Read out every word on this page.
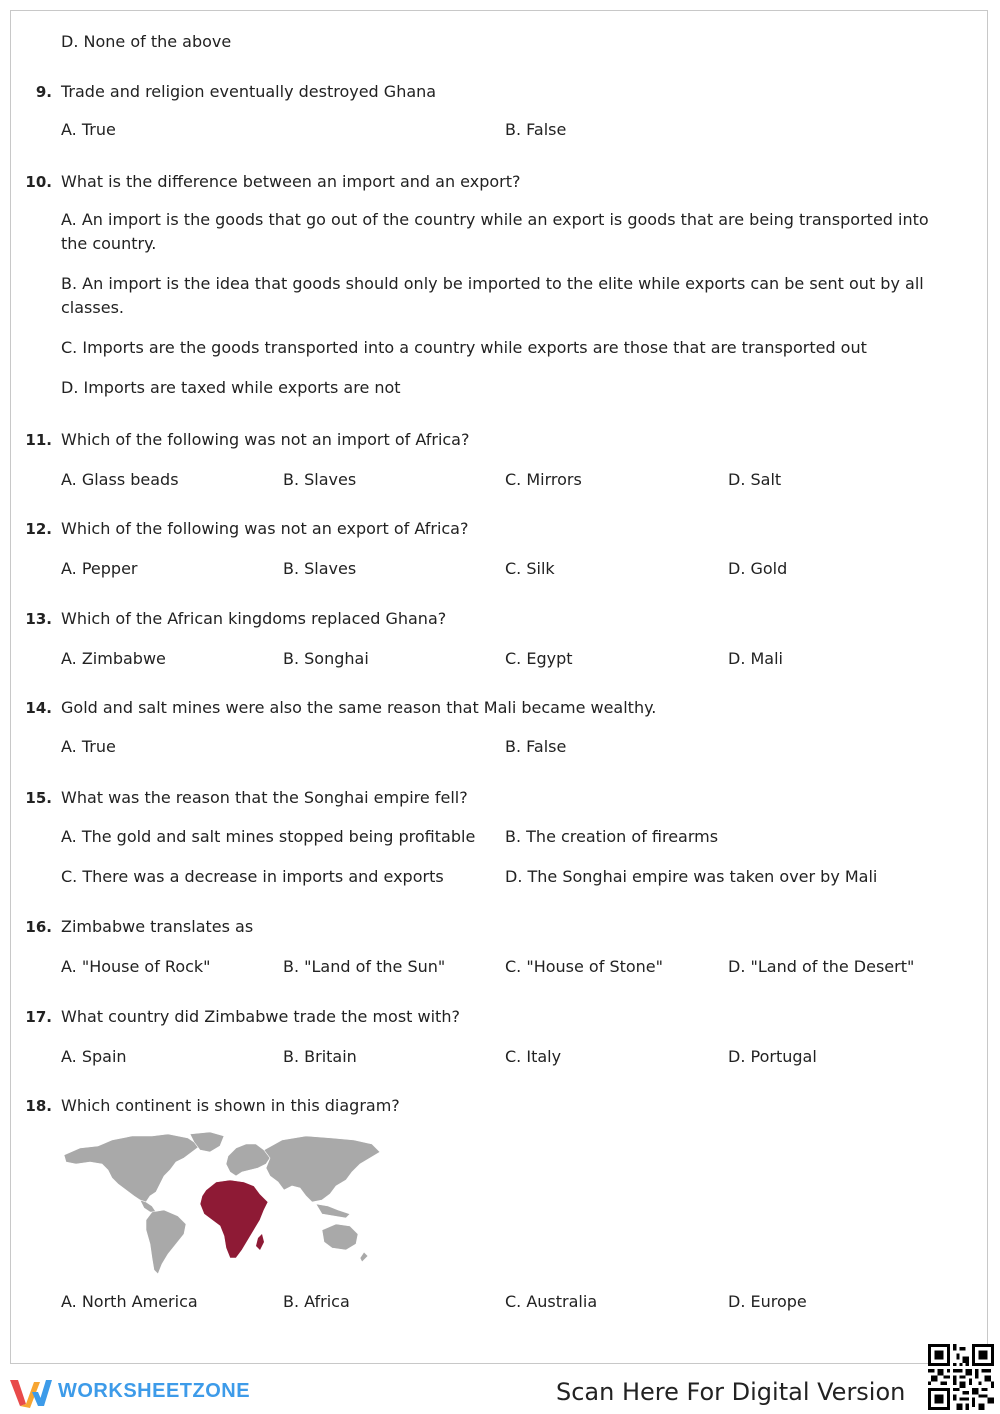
D. None of the above
9. Trade and religion eventually destroyed Ghana
A. True	B. False
10. What is the difference between an import and an export?
A. An import is the goods that go out of the country while an export is goods that are being transported into the country.
B. An import is the idea that goods should only be imported to the elite while exports can be sent out by all classes.
C. Imports are the goods transported into a country while exports are those that are transported out
D. Imports are taxed while exports are not
11. Which of the following was not an import of Africa?
A. Glass beads	B. Slaves	C. Mirrors	D. Salt
12. Which of the following was not an export of Africa?
A. Pepper	B. Slaves	C. Silk	D. Gold
13. Which of the African kingdoms replaced Ghana?
A. Zimbabwe	B. Songhai	C. Egypt	D. Mali
14. Gold and salt mines were also the same reason that Mali became wealthy.
A. True	B. False
15. What was the reason that the Songhai empire fell?
A. The gold and salt mines stopped being profitable B. The creation of firearms
C. There was a decrease in imports and exports	D. The Songhai empire was taken over by Mali
16. Zimbabwe translates as
A. "House of Rock"	B. "Land of the Sun"	C. "House of Stone"	D. "Land of the Desert"
17. What country did Zimbabwe trade the most with?
A. Spain	B. Britain	C. Italy	D. Portugal
18. Which continent is shown in this diagram?
A. North America	B. Africa	C. Australia	D. Europe
WORKSHEETZONE	Scan Here For Digital Version
